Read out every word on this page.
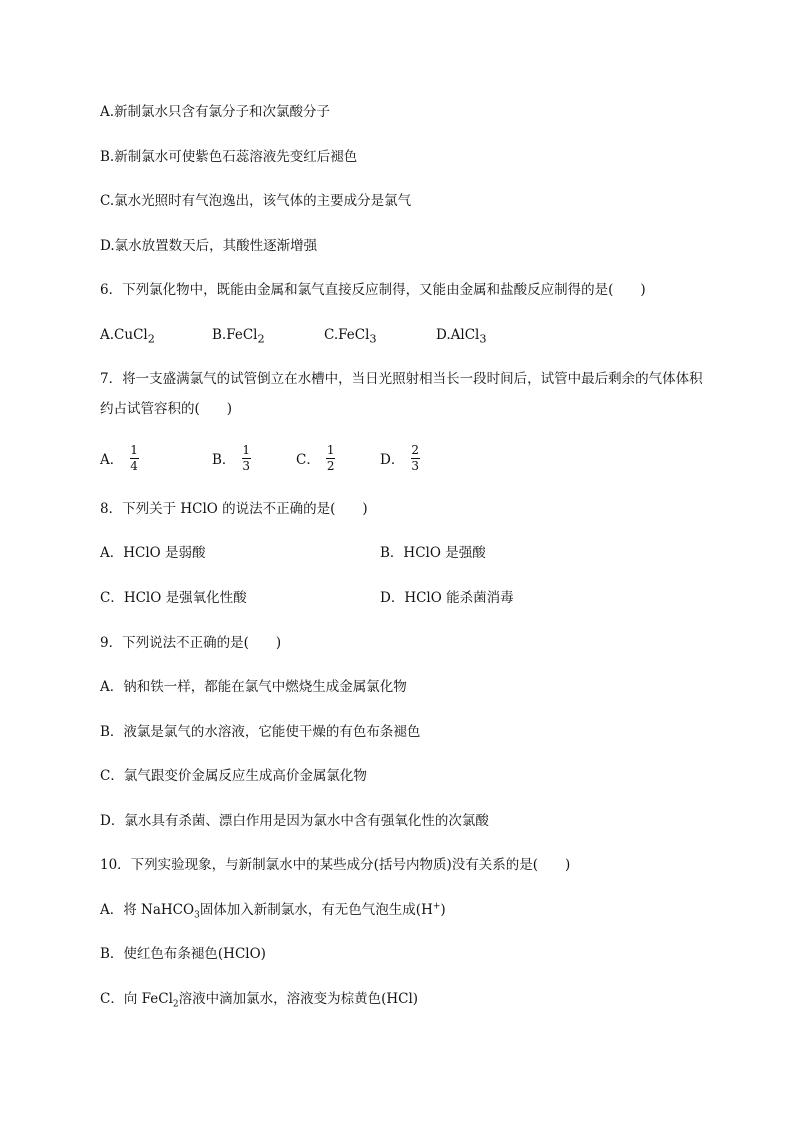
A.新制氯水只含有氯分子和次氯酸分子
B.新制氯水可使紫色石蕊溶液先变红后褪色
C.氯水光照时有气泡逸出，该气体的主要成分是氯气
D.氯水放置数天后，其酸性逐渐增强
6．下列氯化物中，既能由金属和氯气直接反应制得，又能由金属和盐酸反应制得的是(　　)
A.CuCl$_2$	B.FeCl$_2$	C.FeCl$_3$	D.AlCl$_3$
7．将一支盛满氯气的试管倒立在水槽中，当日光照射相当长一段时间后，试管中最后剩余的气体体积
约占试管容积的(　　)
A． $\frac{1}{4}$	B． $\frac{1}{3}$	C． $\frac{1}{2}$	D． $\frac{2}{3}$
8．下列关于 HClO 的说法不正确的是(　　)
A．HClO 是弱酸	B．HClO 是强酸
C．HClO 是强氧化性酸	D．HClO 能杀菌消毒
9．下列说法不正确的是(　　)
A．钠和铁一样，都能在氯气中燃烧生成金属氯化物
B．液氯是氯气的水溶液，它能使干燥的有色布条褪色
C．氯气跟变价金属反应生成高价金属氯化物
D．氯水具有杀菌、漂白作用是因为氯水中含有强氧化性的次氯酸
10．下列实验现象，与新制氯水中的某些成分(括号内物质)没有关系的是(　　)
A．将 NaHCO$_3$固体加入新制氯水，有无色气泡生成(H+)
B．使红色布条褪色(HClO)
C．向 FeCl$_2$溶液中滴加氯水，溶液变为棕黄色(HCl)
